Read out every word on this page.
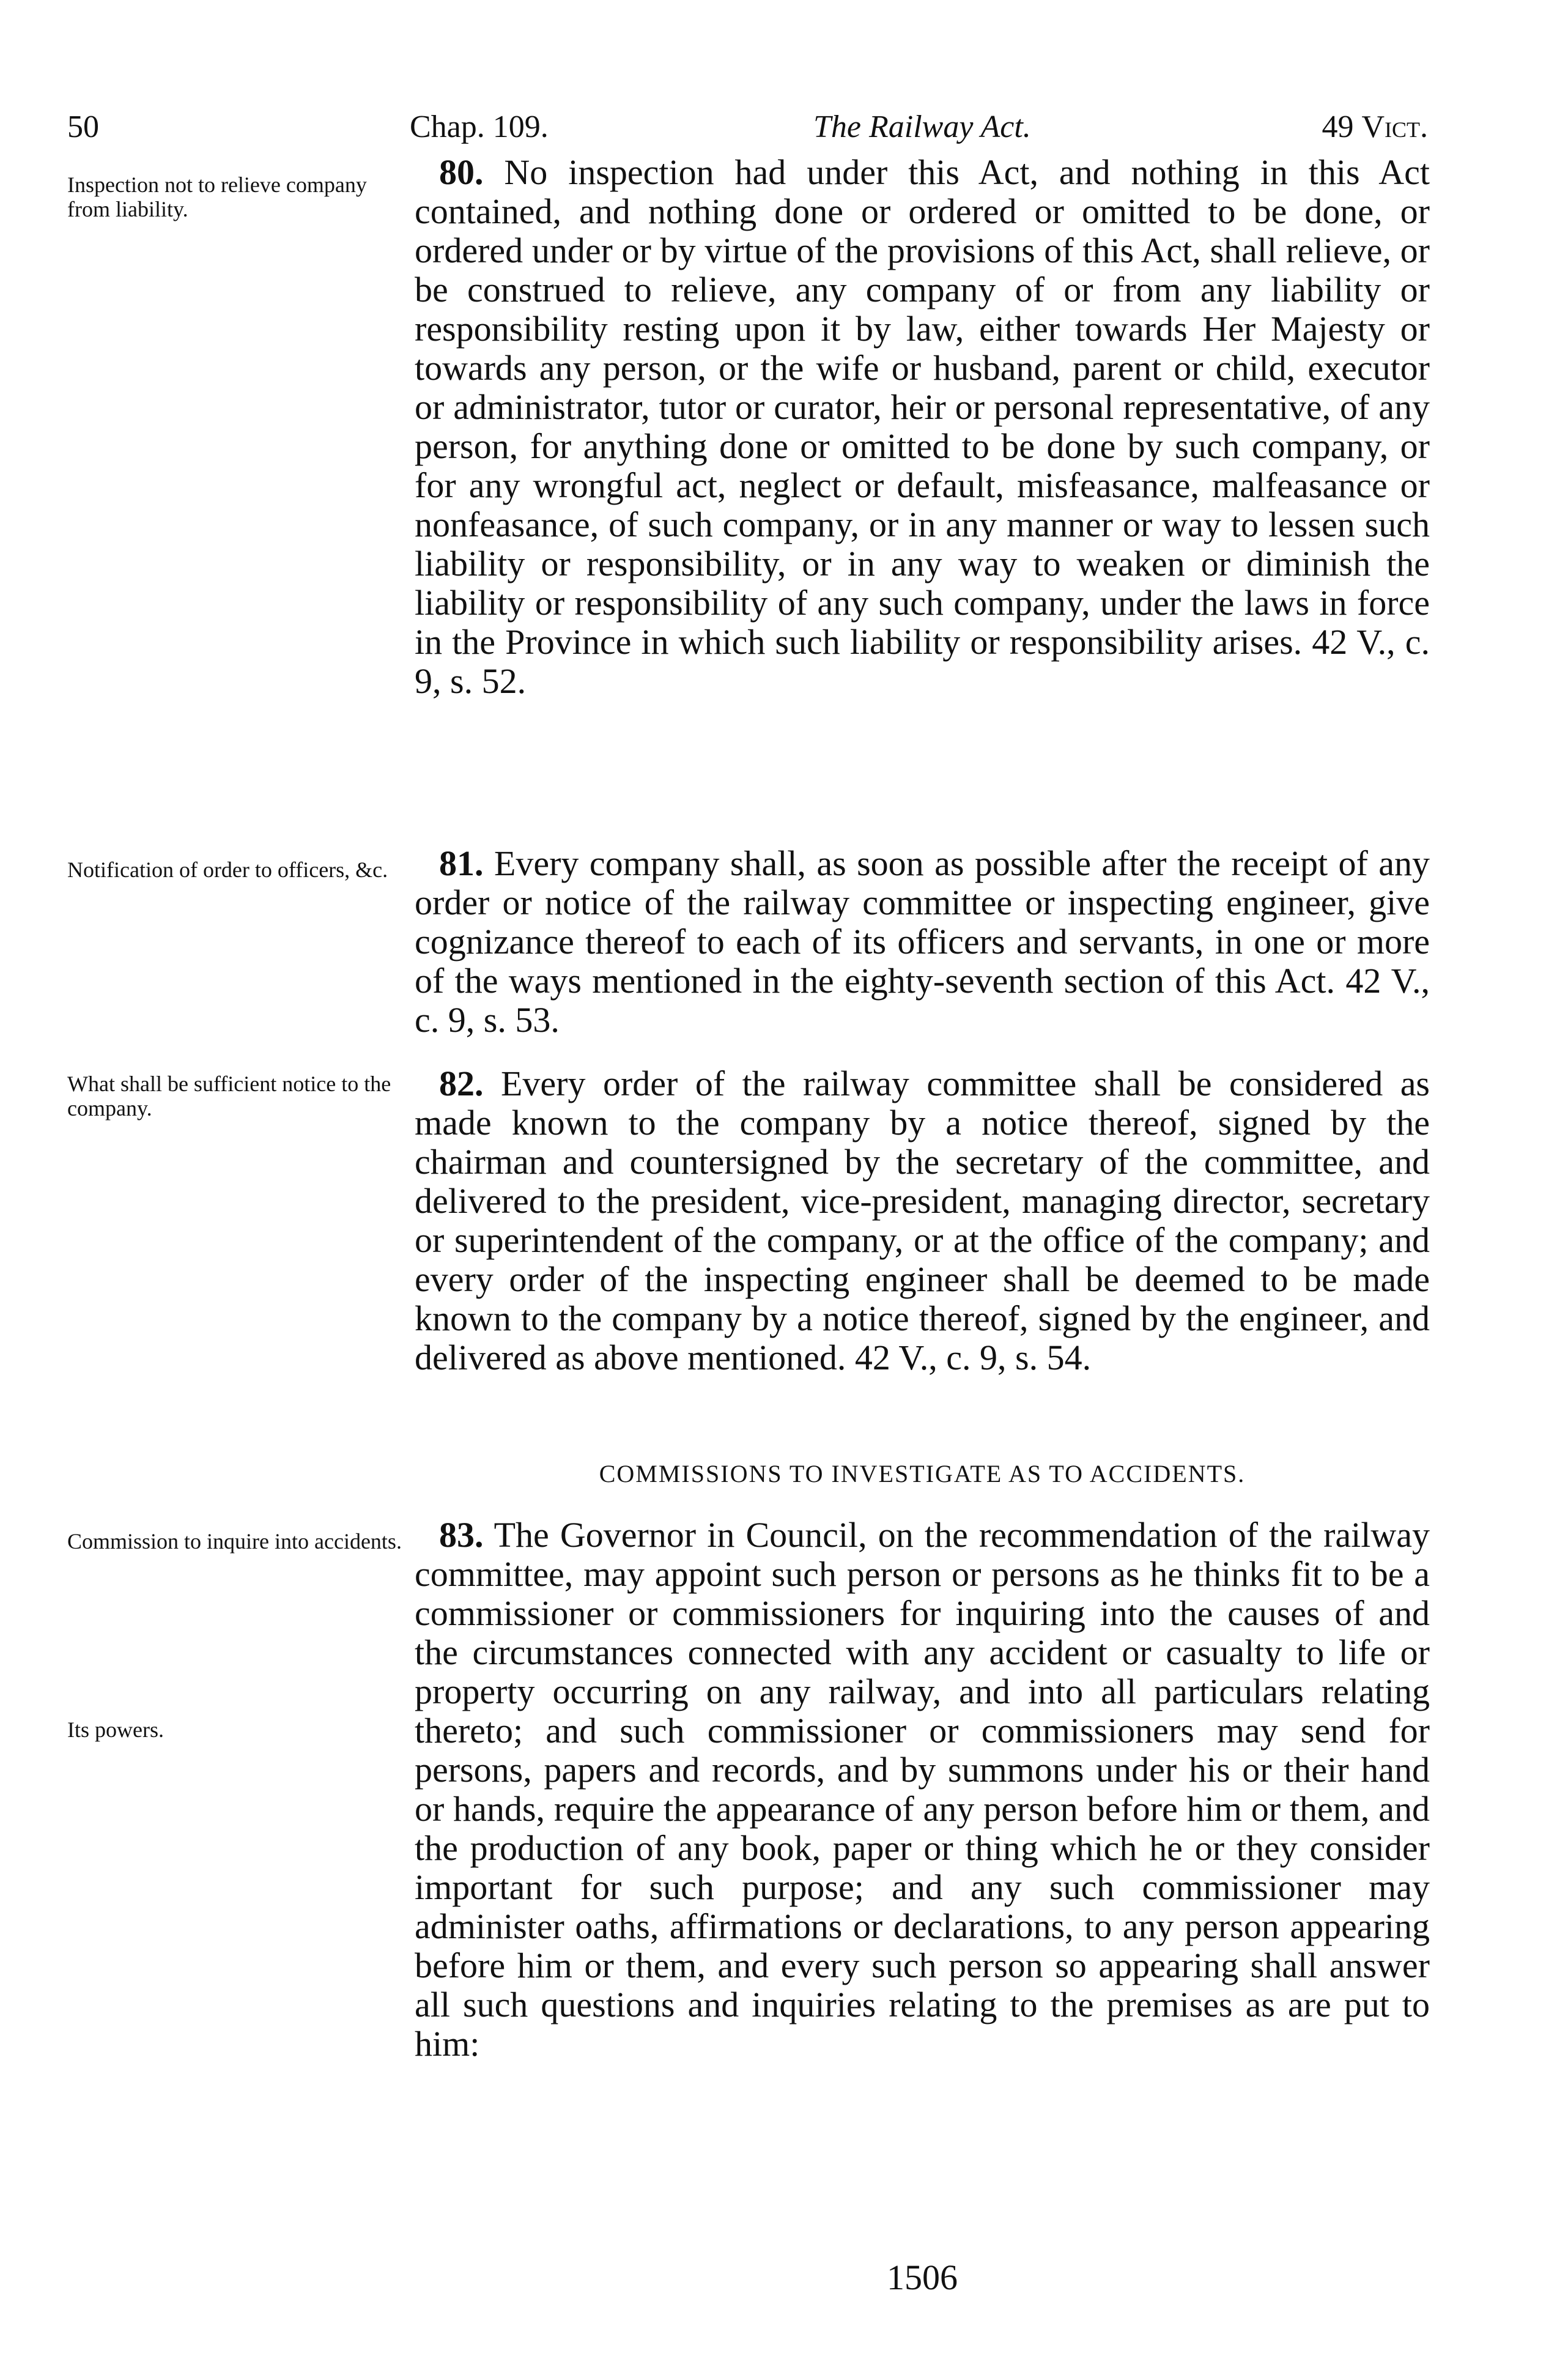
50	Chap. 109.	The Railway Act.	49 Vict.
Inspection not to relieve company from liability.
Notification of order to officers, &c.
What shall be sufficient notice to the company.
Commission to inquire into accidents.
Its powers.
80. No inspection had under this Act, and nothing in this Act contained, and nothing done or ordered or omitted to be done, or ordered under or by virtue of the provisions of this Act, shall relieve, or be construed to relieve, any company of or from any liability or responsibility resting upon it by law, either towards Her Majesty or towards any person, or the wife or husband, parent or child, executor or administrator, tutor or curator, heir or personal representative, of any person, for anything done or omitted to be done by such company, or for any wrongful act, neglect or default, misfeasance, malfeasance or nonfeasance, of such company, or in any manner or way to lessen such liability or responsibility, or in any way to weaken or diminish the liability or responsibility of any such company, under the laws in force in the Province in which such liability or responsibility arises. 42 V., c. 9, s. 52.
81. Every company shall, as soon as possible after the receipt of any order or notice of the railway committee or inspecting engineer, give cognizance thereof to each of its officers and servants, in one or more of the ways mentioned in the eighty-seventh section of this Act. 42 V., c. 9, s. 53.
82. Every order of the railway committee shall be considered as made known to the company by a notice thereof, signed by the chairman and countersigned by the secretary of the committee, and delivered to the president, vice-president, managing director, secretary or superintendent of the company, or at the office of the company; and every order of the inspecting engineer shall be deemed to be made known to the company by a notice thereof, signed by the engineer, and delivered as above mentioned. 42 V., c. 9, s. 54.
COMMISSIONS TO INVESTIGATE AS TO ACCIDENTS.
83. The Governor in Council, on the recommendation of the railway committee, may appoint such person or persons as he thinks fit to be a commissioner or commissioners for inquiring into the causes of and the circumstances connected with any accident or casualty to life or property occurring on any railway, and into all particulars relating thereto; and such commissioner or commissioners may send for persons, papers and records, and by summons under his or their hand or hands, require the appearance of any person before him or them, and the production of any book, paper or thing which he or they consider important for such purpose; and any such commissioner may administer oaths, affirmations or declarations, to any person appearing before him or them, and every such person so appearing shall answer all such questions and inquiries relating to the premises as are put to him:
1506
